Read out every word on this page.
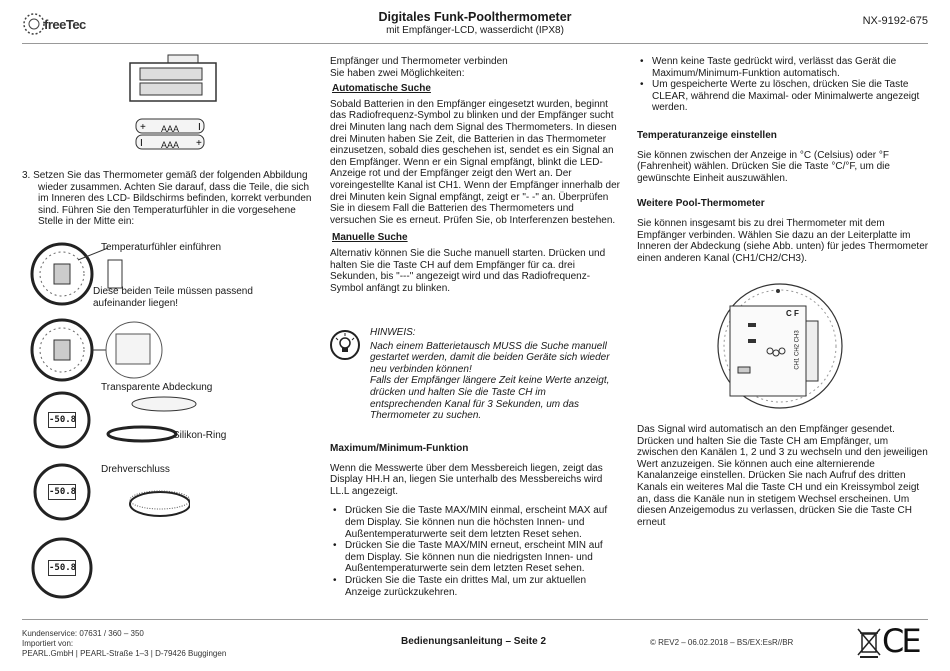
freeTec	Digitales Funk-Poolthermometer
mit Empfänger-LCD, wasserdicht (IPX8)
NX-9192-675
+
I
I
+
AAA
AAA

3. Setzen Sie das Thermometer gemäß der folgenden Abbildung wieder zusammen. Achten Sie darauf, dass die Teile, die sich im Inneren des LCD- Bildschirms befinden, korrekt verbunden sind. Führen Sie den Temperaturfühler in die vorgesehene Stelle in der Mitte ein:

Temperaturfühler einführen
Diese beiden Teile müssen passend aufeinander liegen!
Transparente Abdeckung
-50.8
Silikon-Ring
Drehverschluss
-50.8
-50.8

Empfänger und Thermometer verbinden
Sie haben zwei Möglichkeiten:

Automatische Suche

Sobald Batterien in den Empfänger eingesetzt wurden, beginnt das Radiofrequenz-Symbol zu blinken und der Empfänger sucht drei Minuten lang nach dem Signal des Thermometers. In diesen drei Minuten haben Sie Zeit, die Batterien in das Thermometer einzusetzen, sobald dies geschehen ist, sendet es ein Signal an den Empfänger. Wenn er ein Signal empfängt, blinkt die LED-Anzeige rot und der Empfänger zeigt den Wert an. Der voreingestellte Kanal ist CH1. Wenn der Empfänger innerhalb der drei Minuten kein Signal empfängt, zeigt er "- -" an. Überprüfen Sie in diesem Fall die Batterien des Thermometers und versuchen Sie es erneut. Prüfen Sie, ob Interferenzen bestehen.

Manuelle Suche

Alternativ können Sie die Suche manuell starten. Drücken und halten Sie die Taste CH auf dem Empfänger für ca. drei Sekunden, bis "---" angezeigt wird und das Radiofrequenz-Symbol anfängt zu blinken.

HINWEIS:
Nach einem Batterietausch MUSS die Suche manuell gestartet werden, damit die beiden Geräte sich wieder neu verbinden können!
Falls der Empfänger längere Zeit keine Werte anzeigt, drücken und halten Sie die Taste CH im entsprechenden Kanal für 3 Sekunden, um das Thermometer zu suchen.
Maximum/Minimum-Funktion

Wenn die Messwerte über dem Messbereich liegen, zeigt das Display HH.H an, liegen Sie unterhalb des Messbereichs wird LL.L angezeigt.

• Drücken Sie die Taste MAX/MIN einmal, erscheint MAX auf dem Display. Sie können nun die höchsten Innen- und Außentemperaturwerte seit dem letzten Reset sehen.
• Drücken Sie die Taste MAX/MIN erneut, erscheint MIN auf dem Display. Sie können nun die niedrigsten Innen- und Außentemperaturwerte sein dem letzten Reset sehen.
• Drücken Sie die Taste ein drittes Mal, um zur aktuellen Anzeige zurückzukehren.
• Wenn keine Taste gedrückt wird, verlässt das Gerät die Maximum/Minimum-Funktion automatisch.
• Um gespeicherte Werte zu löschen, drücken Sie die Taste CLEAR, während die Maximal- oder Minimalwerte angezeigt werden.
Temperaturanzeige einstellen

Sie können zwischen der Anzeige in °C (Celsius) oder °F (Fahrenheit) wählen. Drücken Sie die Taste °C/°F, um die gewünschte Einheit auszuwählen.

Weitere Pool-Thermometer

Sie können insgesamt bis zu drei Thermometer mit dem Empfänger verbinden. Wählen Sie dazu an der Leiterplatte im Inneren der Abdeckung (siehe Abb. unten) für jedes Thermometer einen anderen Kanal (CH1/CH2/CH3).

C F
CH1 CH2 CH3

Das Signal wird automatisch an den Empfänger gesendet. Drücken und halten Sie die Taste CH am Empfänger, um zwischen den Kanälen 1, 2 und 3 zu wechseln und den jeweiligen Wert anzuzeigen. Sie können auch eine alternierende Kanalanzeige einstellen. Drücken Sie nach Aufruf des dritten Kanals ein weiteres Mal die Taste CH und ein Kreissymbol zeigt an, dass die Kanäle nun in stetigem Wechsel erscheinen. Um diesen Anzeigemodus zu verlassen, drücken Sie die Taste CH erneut

Kundenservice: 07631 / 360 – 350
Importiert von:
PEARL.GmbH | PEARL-Straße 1–3 | D-79426 Buggingen
Bedienungsanleitung – Seite 2	© REV2 – 06.02.2018 – BS/EX:EsR//BR	CE
